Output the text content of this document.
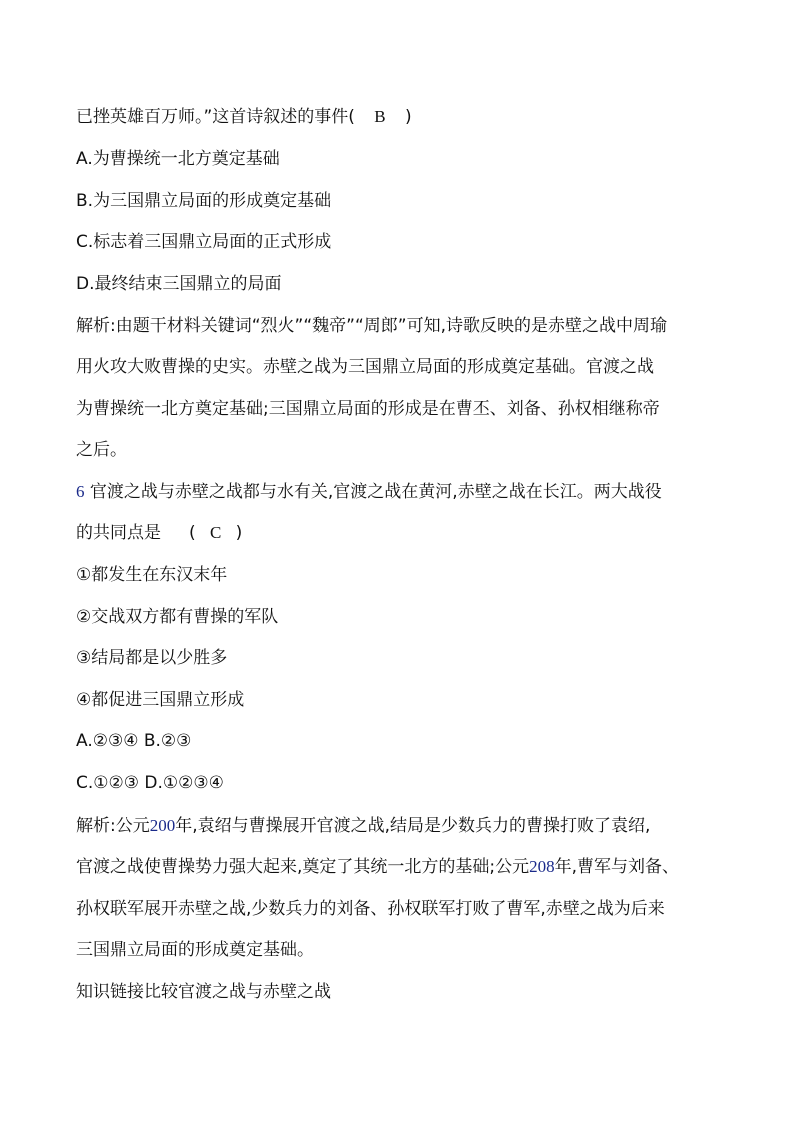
已挫英雄百万师。”这首诗叙述的事件( B )
A.为曹操统一北方奠定基础
B.为三国鼎立局面的形成奠定基础
C.标志着三国鼎立局面的正式形成
D.最终结束三国鼎立的局面
解析:由题干材料关键词“烈火”“魏帝”“周郎”可知,诗歌反映的是赤壁之战中周瑜
用火攻大败曹操的史实。赤壁之战为三国鼎立局面的形成奠定基础。官渡之战
为曹操统一北方奠定基础;三国鼎立局面的形成是在曹丕、刘备、孙权相继称帝
之后。
6 官渡之战与赤壁之战都与水有关,官渡之战在黄河,赤壁之战在长江。两大战役
的共同点是 ( C )
①都发生在东汉末年
②交战双方都有曹操的军队
③结局都是以少胜多
④都促进三国鼎立形成
A.②③④ B.②③
C.①②③ D.①②③④
解析:公元200年,袁绍与曹操展开官渡之战,结局是少数兵力的曹操打败了袁绍,
官渡之战使曹操势力强大起来,奠定了其统一北方的基础;公元208年,曹军与刘备、
孙权联军展开赤壁之战,少数兵力的刘备、孙权联军打败了曹军,赤壁之战为后来
三国鼎立局面的形成奠定基础。
知识链接比较官渡之战与赤壁之战
